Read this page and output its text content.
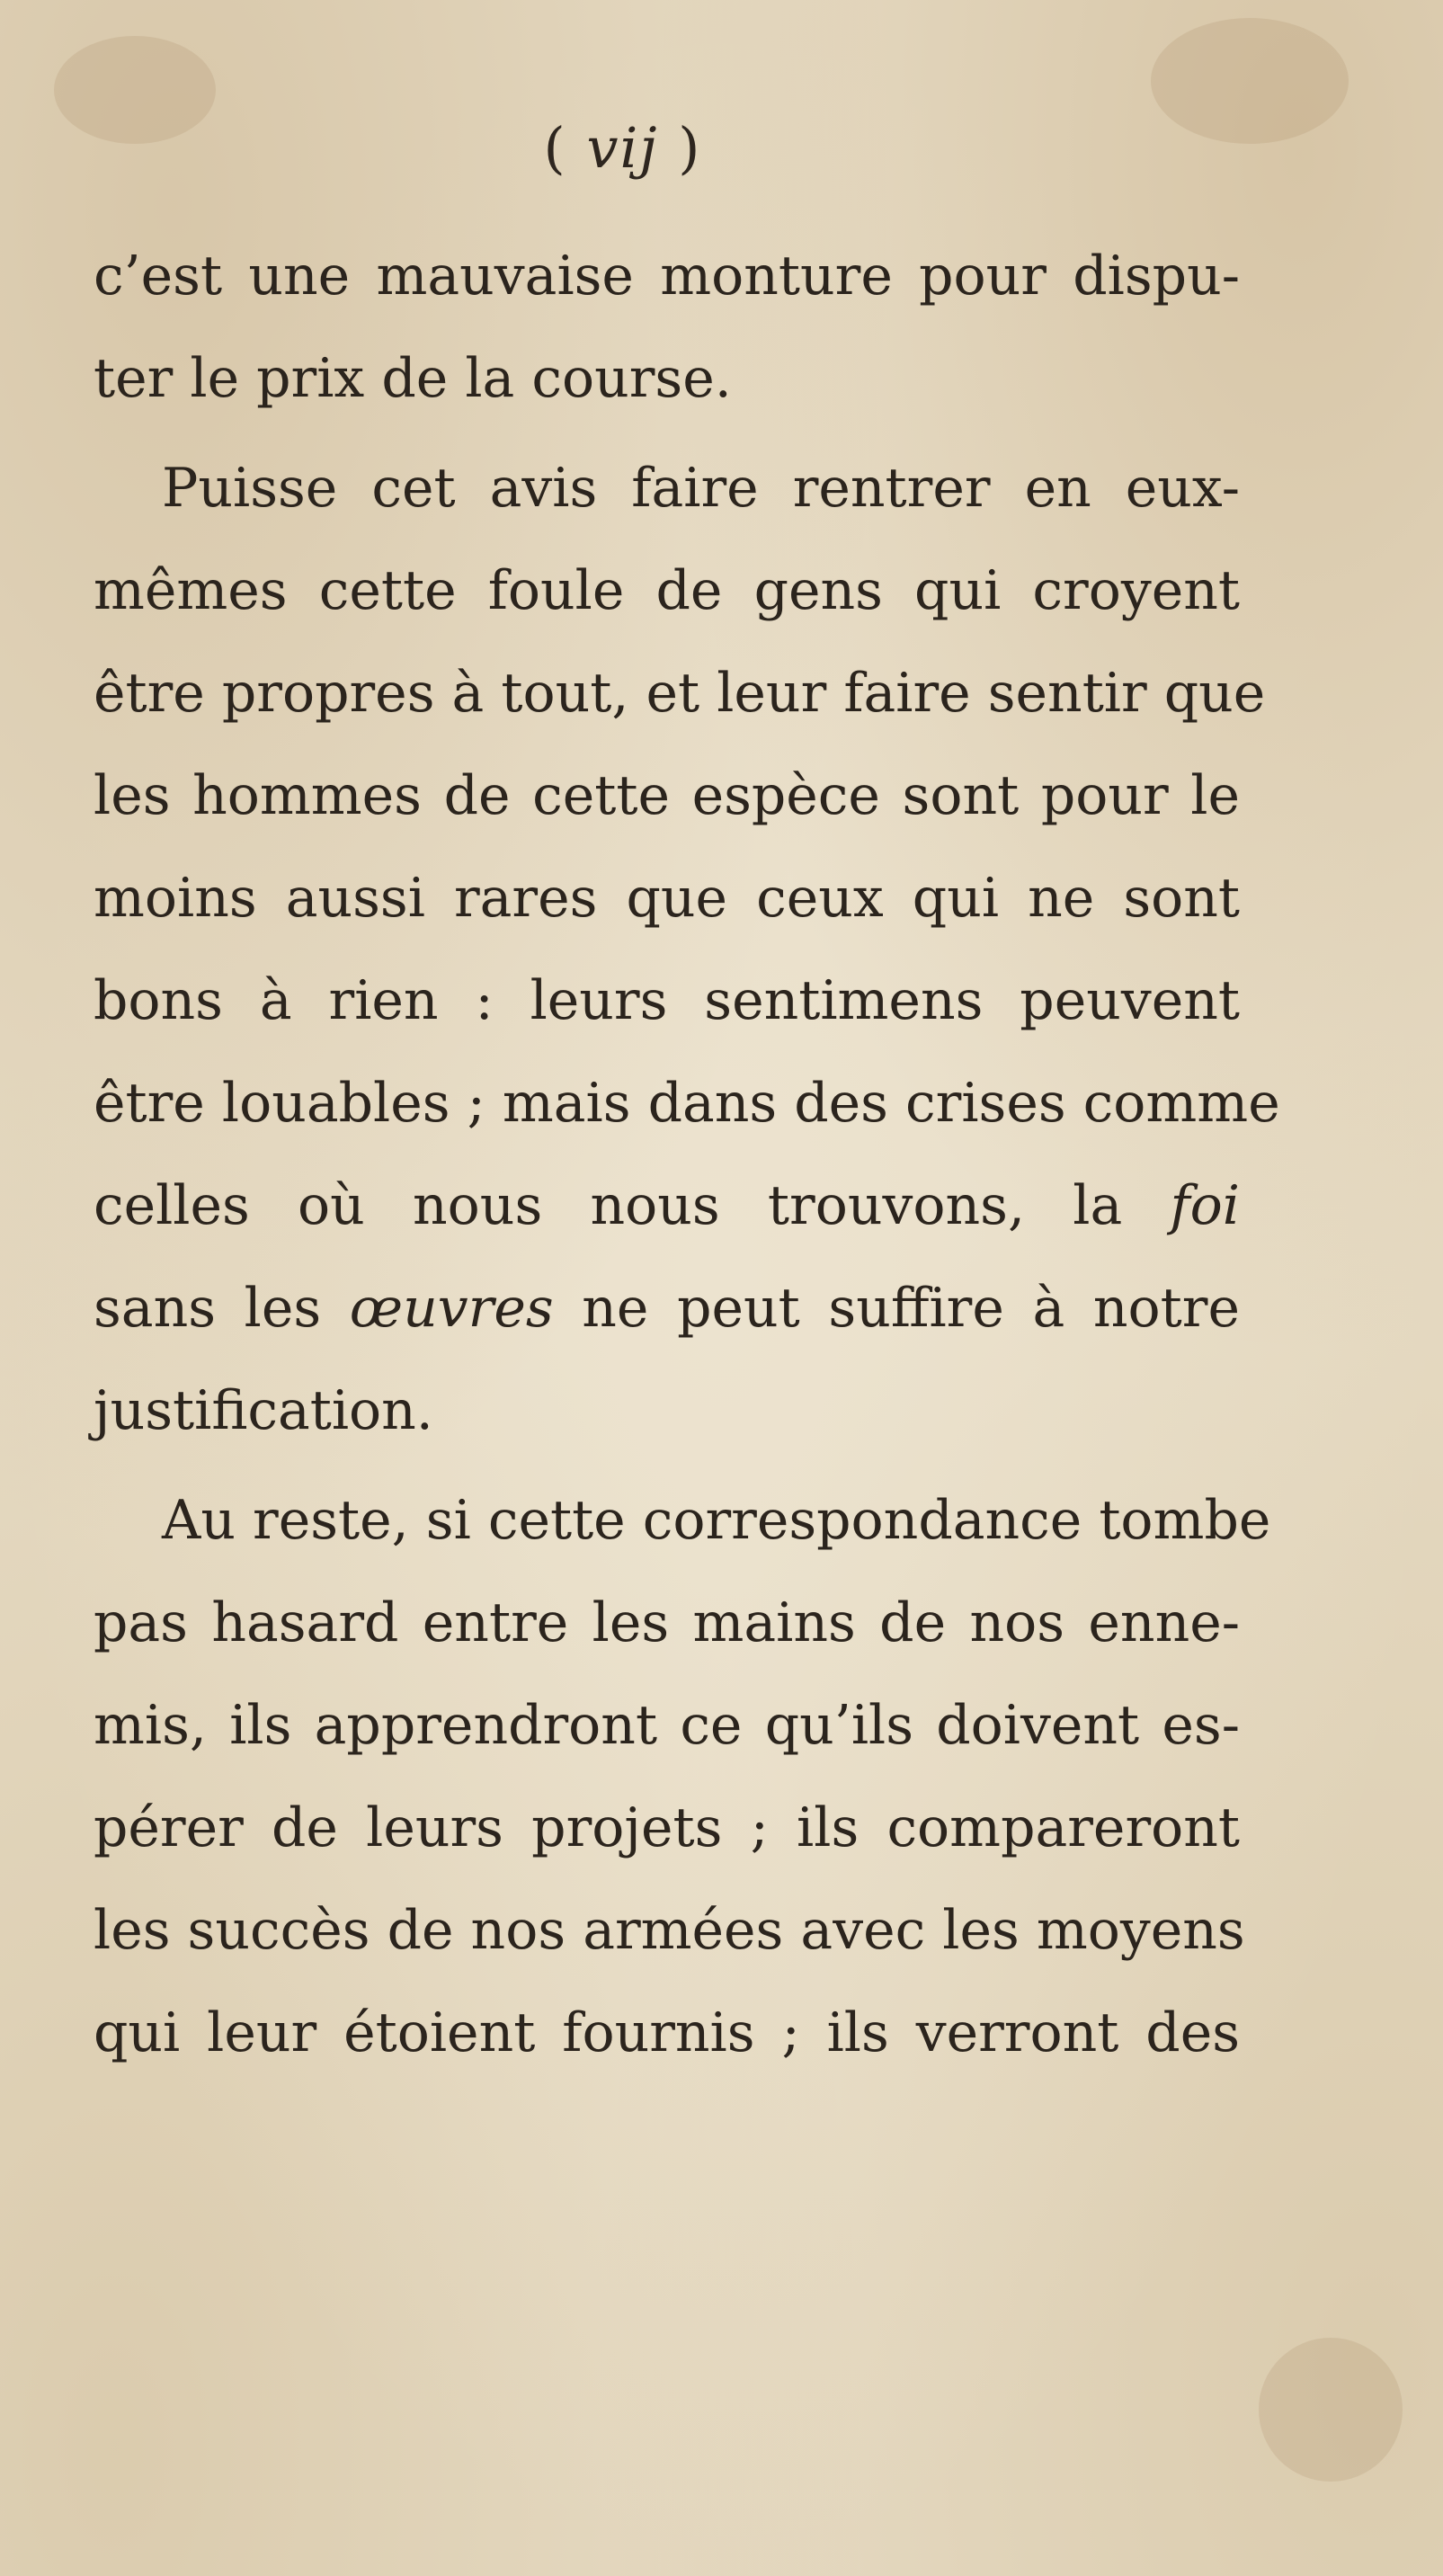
( vij )
c’est une mauvaise monture pour dispu-
ter le prix de la course.
Puisse cet avis faire rentrer en eux-
mêmes cette foule de gens qui croyent
être propres à tout, et leur faire sentir que
les hommes de cette espèce sont pour le
moins aussi rares que ceux qui ne sont
bons à rien : leurs sentimens peuvent
être louables ; mais dans des crises comme
celles où nous nous trouvons, la foi
sans les œuvres ne peut suffire à notre
justification.
Au reste, si cette correspondance tombe
pas hasard entre les mains de nos enne-
mis, ils apprendront ce qu’ils doivent es-
pérer de leurs projets ; ils compareront
les succès de nos armées avec les moyens
qui leur étoient fournis ; ils verront des
